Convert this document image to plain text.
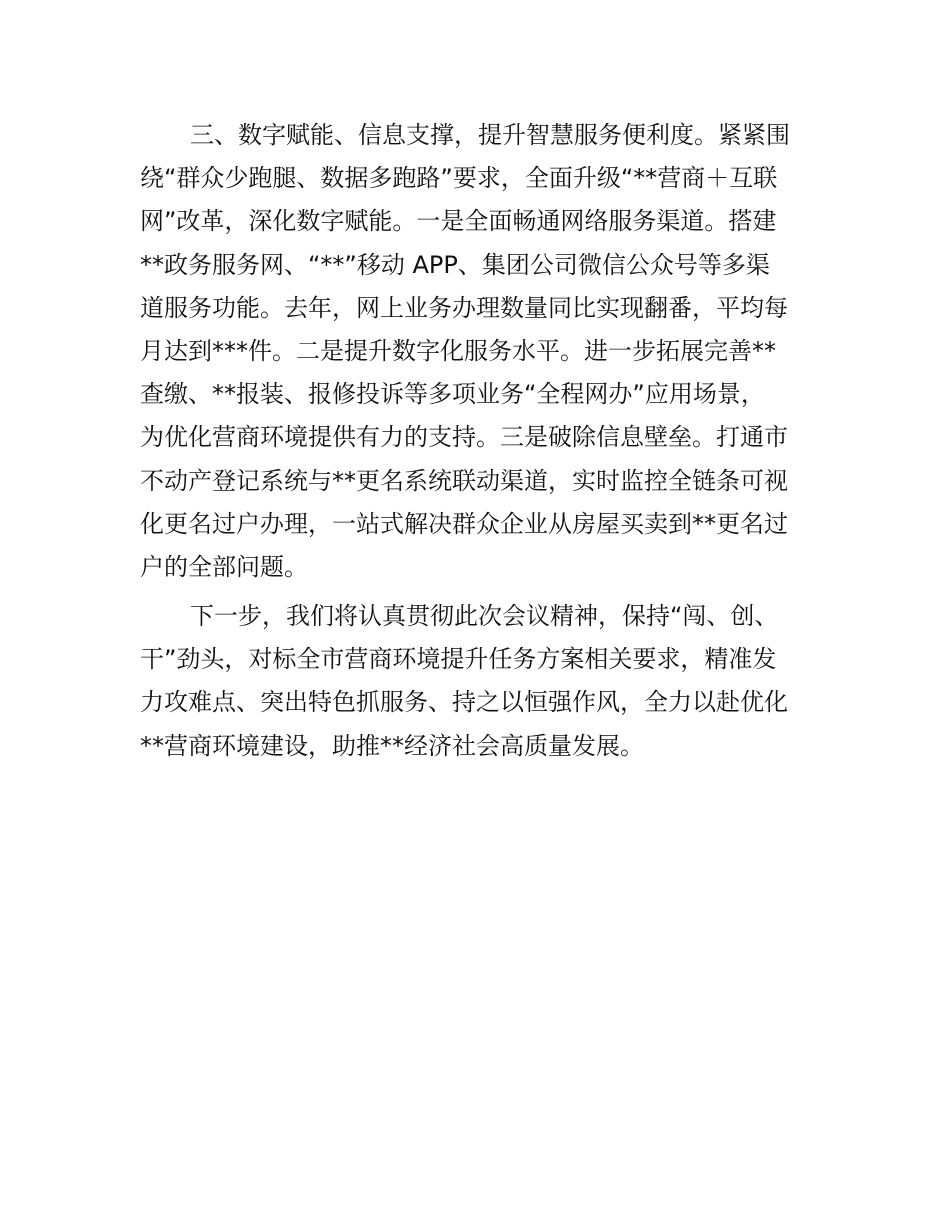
三、数字赋能、信息支撑，提升智慧服务便利度。紧紧围
绕“群众少跑腿、数据多跑路”要求，全面升级“**营商＋互联
网”改革，深化数字赋能。一是全面畅通网络服务渠道。搭建
**政务服务网、“**”移动 APP、集团公司微信公众号等多渠
道服务功能。去年，网上业务办理数量同比实现翻番，平均每
月达到***件。二是提升数字化服务水平。进一步拓展完善**
查缴、**报装、报修投诉等多项业务“全程网办”应用场景，
为优化营商环境提供有力的支持。三是破除信息壁垒。打通市
不动产登记系统与**更名系统联动渠道，实时监控全链条可视
化更名过户办理，一站式解决群众企业从房屋买卖到**更名过
户的全部问题。
下一步，我们将认真贯彻此次会议精神，保持“闯、创、
干”劲头，对标全市营商环境提升任务方案相关要求，精准发
力攻难点、突出特色抓服务、持之以恒强作风，全力以赴优化
**营商环境建设，助推**经济社会高质量发展。
